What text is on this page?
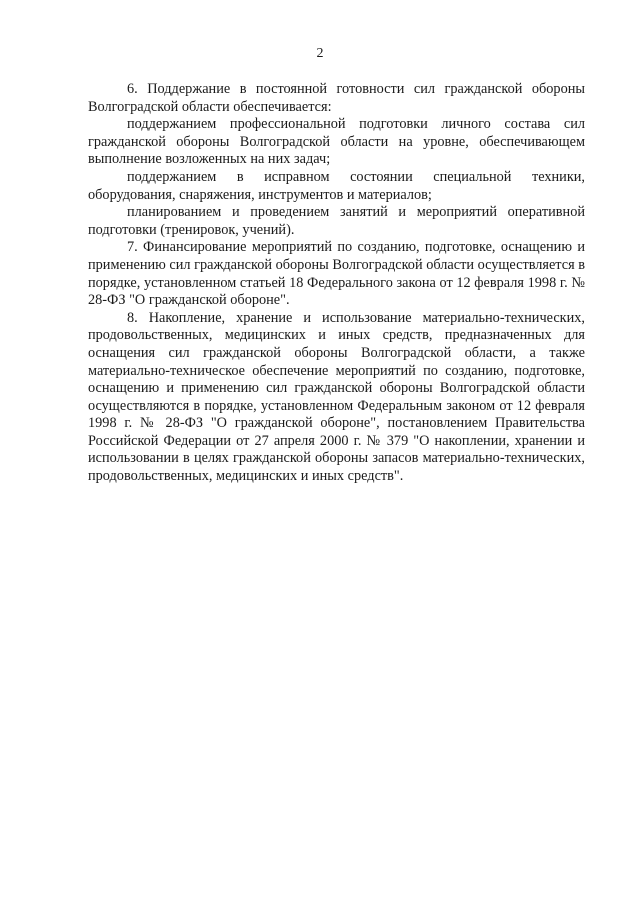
2

6. Поддержание в постоянной готовности сил гражданской обороны Волгоградской области обеспечивается:

поддержанием профессиональной подготовки личного состава сил гражданской обороны Волгоградской области на уровне, обеспечивающем выполнение возложенных на них задач;

поддержанием в исправном состоянии специальной техники, оборудования, снаряжения, инструментов и материалов;

планированием и проведением занятий и мероприятий оперативной подготовки (тренировок, учений).

7. Финансирование мероприятий по созданию, подготовке, оснащению и применению сил гражданской обороны Волгоградской области осуществляется в порядке, установленном статьей 18 Федерального закона от 12 февраля 1998 г. № 28-ФЗ "О гражданской обороне".

8. Накопление, хранение и использование материально-технических, продовольственных, медицинских и иных средств, предназначенных для оснащения сил гражданской обороны Волгоградской области, а также материально-техническое обеспечение мероприятий по созданию, подготовке, оснащению и применению сил гражданской обороны Волгоградской области осуществляются в порядке, установленном Федеральным законом от 12 февраля 1998 г. № 28-ФЗ "О гражданской обороне", постановлением Правительства Российской Федерации от 27 апреля 2000 г. № 379 "О накоплении, хранении и использовании в целях гражданской обороны запасов материально-технических, продовольственных, медицинских и иных средств".
